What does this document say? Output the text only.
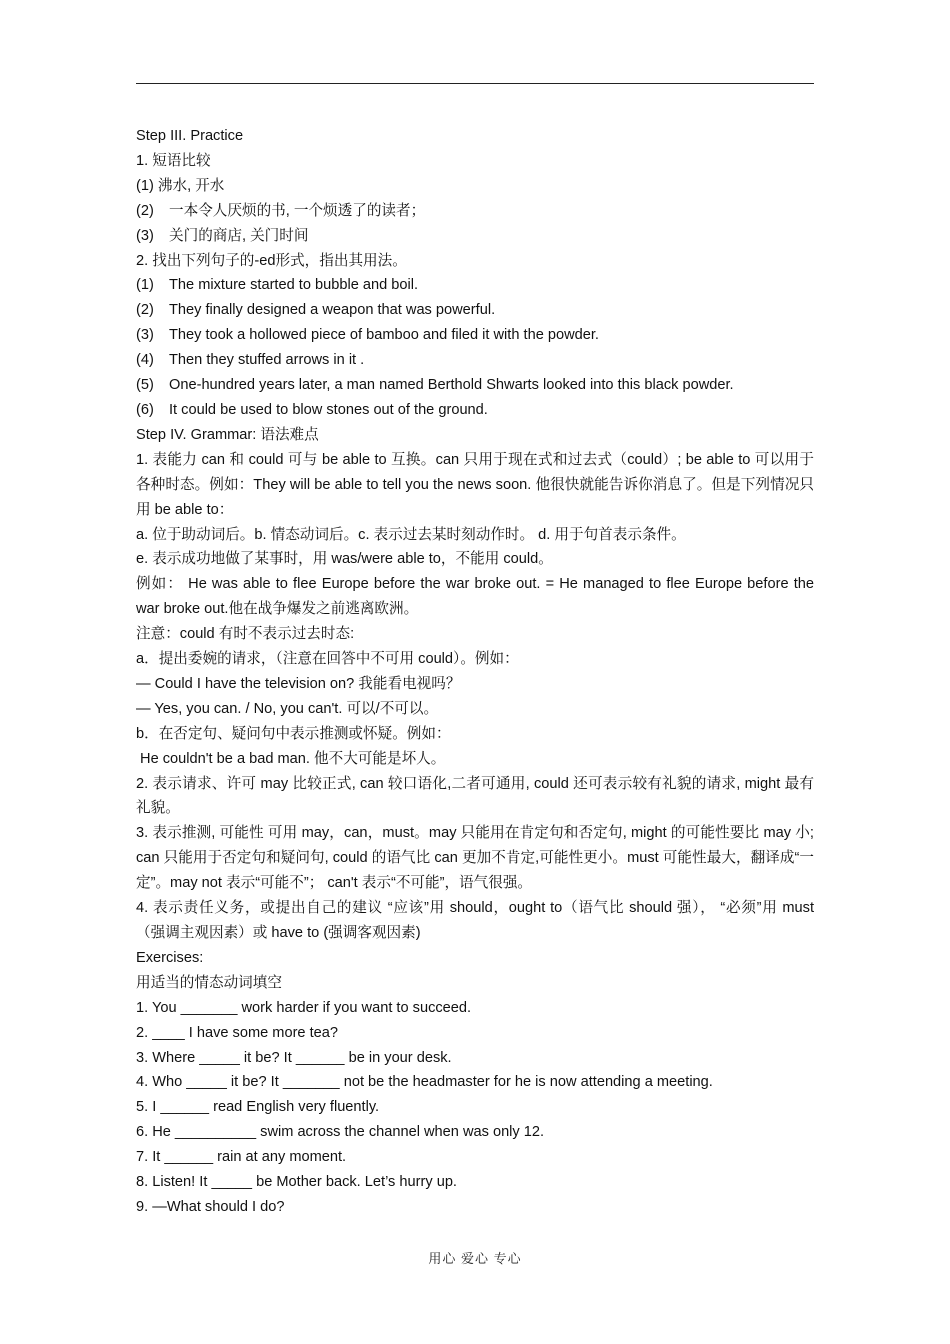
Step III. Practice
1. 短语比较
(1) 沸水, 开水
(2)	一本令人厌烦的书, 一个烦透了的读者；
(3)	关门的商店, 关门时间
2. 找出下列句子的-ed形式，指出其用法。
(1)	The mixture started to bubble and boil.
(2)	They finally designed a weapon that was powerful.
(3)	They took a hollowed piece of bamboo and filed it with the powder.
(4)	Then they stuffed arrows in it .
(5)	One-hundred years later, a man named Berthold Shwarts looked into this black powder.
(6)	It could be used to blow stones out of the ground.
Step IV. Grammar: 语法难点
1. 表能力 can 和 could 可与 be able to 互换。can 只用于现在式和过去式（could）; be able to 可以用于各种时态。例如：They will be able to tell you the news soon. 他很快就能告诉你消息了。但是下列情况只用 be able to：
a. 位于助动词后。b. 情态动词后。c. 表示过去某时刻动作时。 d. 用于句首表示条件。
e. 表示成功地做了某事时，用 was/were able to，不能用 could。
例如： He was able to flee Europe before the war broke out. = He managed to flee Europe before the war broke out.他在战争爆发之前逃离欧洲。
注意：could 有时不表示过去时态:
a．提出委婉的请求，（注意在回答中不可用 could）。例如：
— Could I have the television on? 我能看电视吗？
— Yes, you can. / No, you can't. 可以/不可以。
b．在否定句、疑问句中表示推测或怀疑。例如：
He couldn't be a bad man. 他不大可能是坏人。
2. 表示请求、许可 may 比较正式, can 较口语化,二者可通用, could 还可表示较有礼貌的请求, might 最有礼貌。
3. 表示推测, 可能性 可用 may，can，must。may 只能用在肯定句和否定句, might 的可能性要比 may 小; can 只能用于否定句和疑问句, could 的语气比 can 更加不肯定,可能性更小。must 可能性最大，翻译成“一定”。may not 表示“可能不”； can't 表示“不可能”，语气很强。
4. 表示责任义务，或提出自己的建议 “应该”用 should，ought to（语气比 should 强）， “必须”用 must （强调主观因素）或 have to (强调客观因素)
Exercises:
用适当的情态动词填空
1. You _______ work harder if you want to succeed.
2. ____ I have some more tea?
3. Where _____ it be? It ______ be in your desk.
4. Who _____ it be? It _______ not be the headmaster for he is now attending a meeting.
5. I ______ read English very fluently.
6. He __________ swim across the channel when was only 12.
7. It ______ rain at any moment.
8. Listen! It _____ be Mother back. Let’s hurry up.
9. —What should I do?
用心 爱心 专心
